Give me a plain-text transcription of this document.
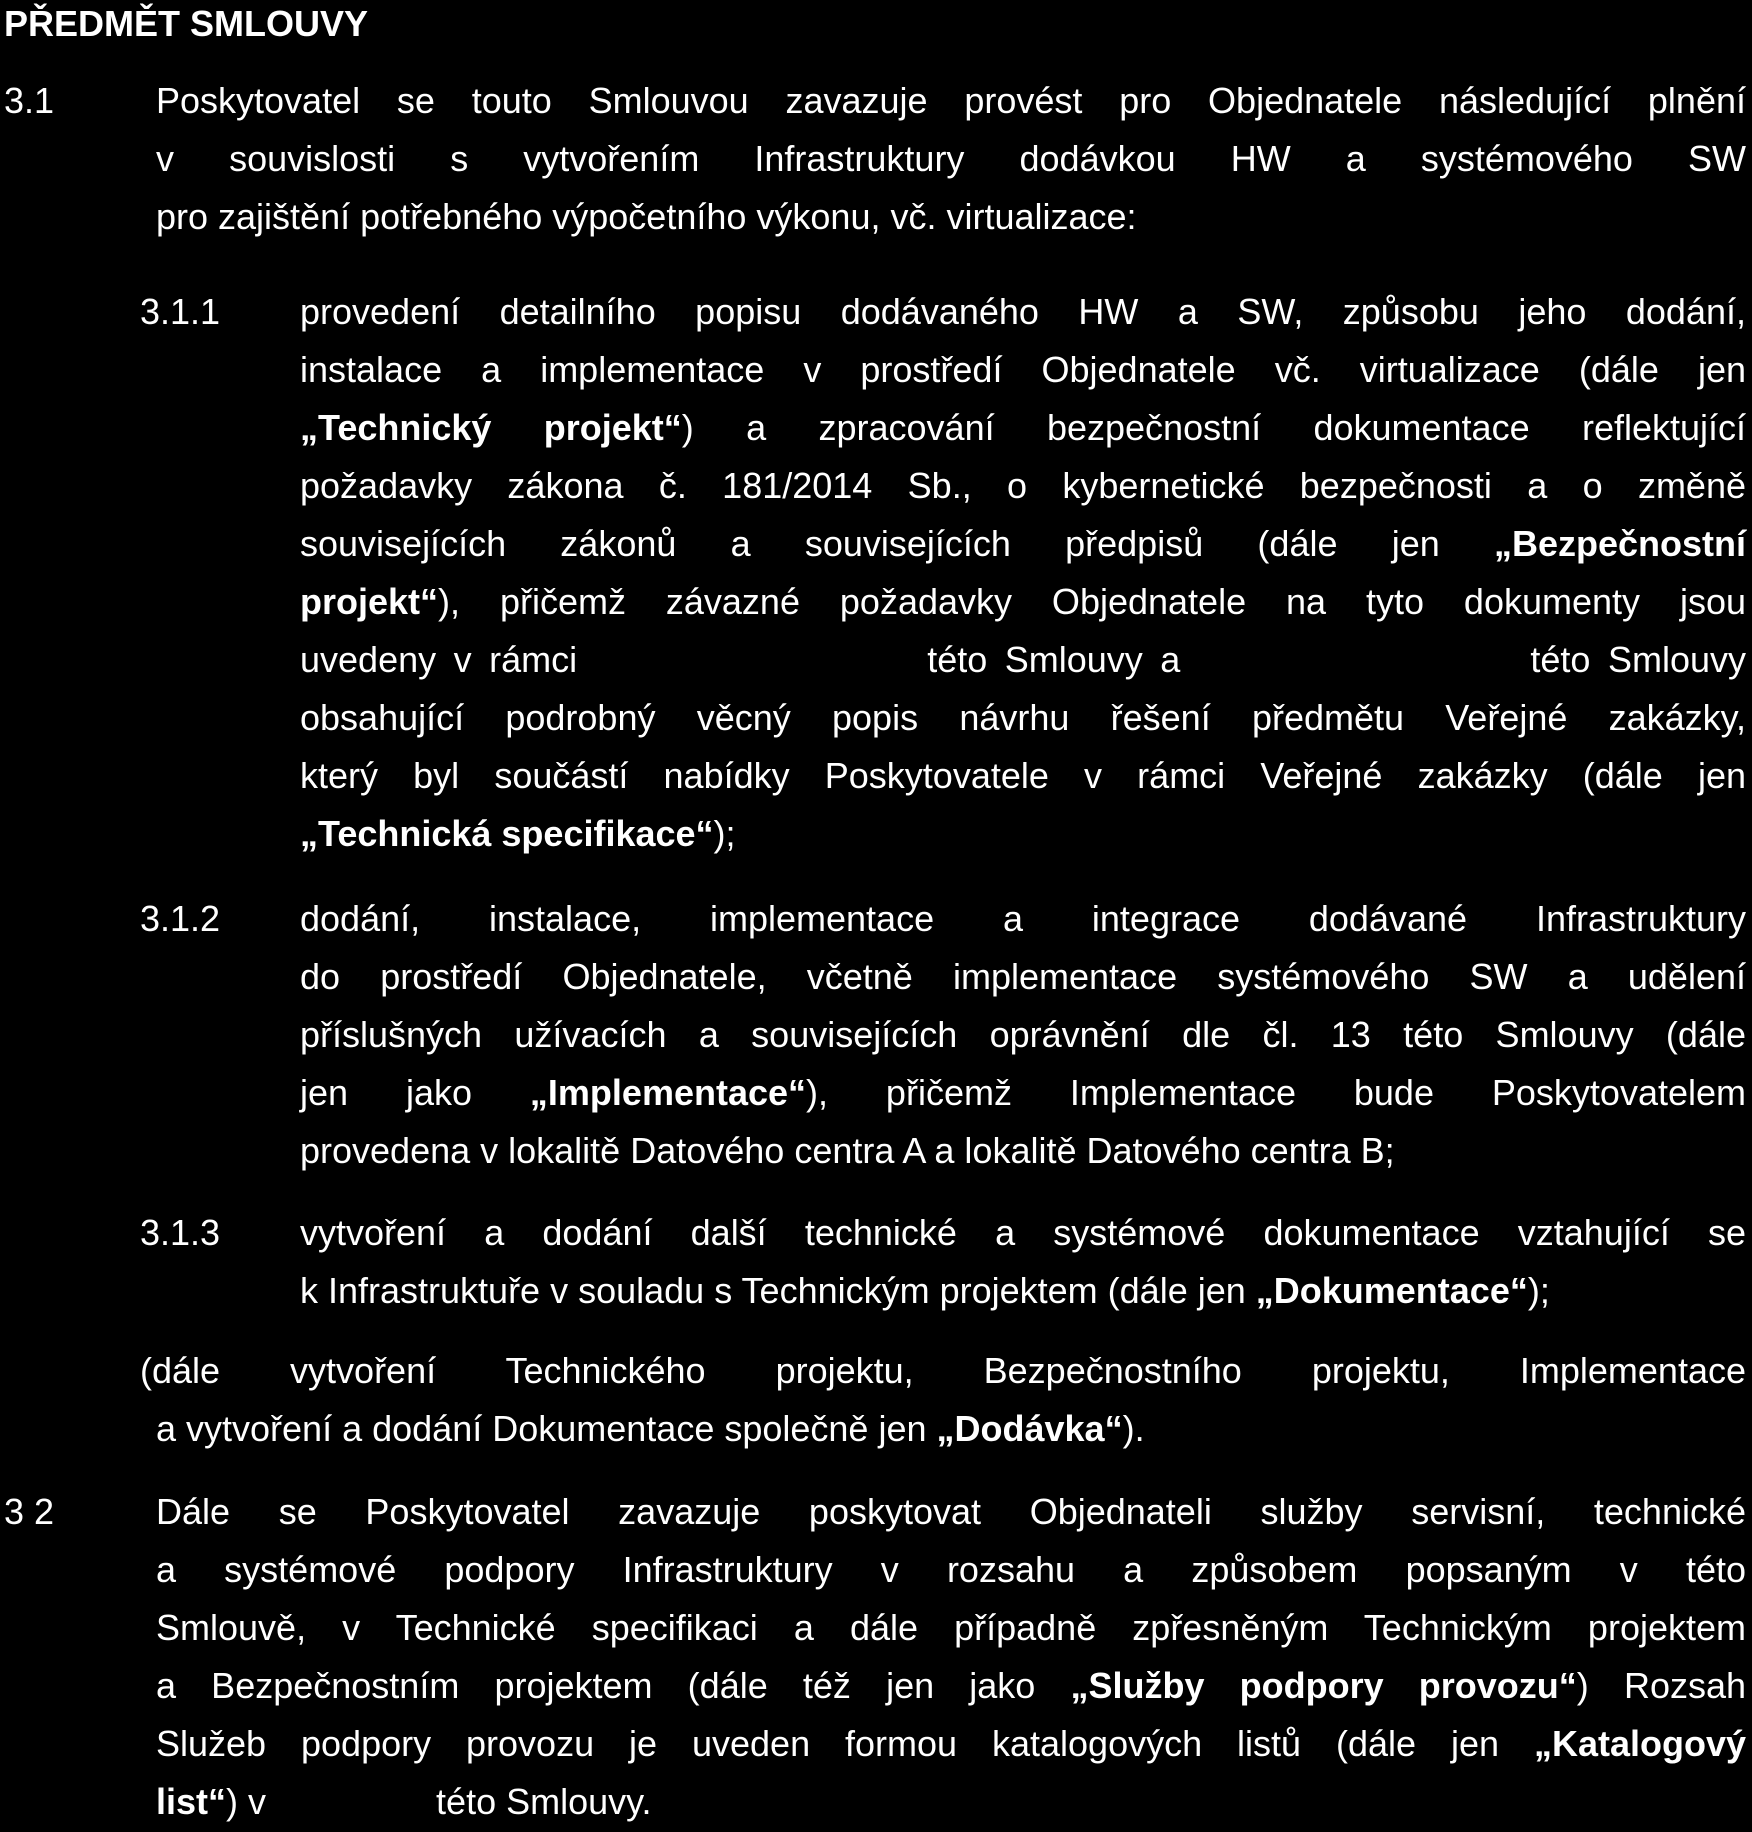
PŘEDMĚT SMLOUVY
3.1	Poskytovatel se touto Smlouvou zavazuje provést pro Objednatele následující plnění
v souvislosti s vytvořením Infrastruktury dodávkou HW a systémového SW
pro zajištění potřebného výpočetního výkonu, vč. virtualizace:
3.1.1 provedení detailního popisu dodávaného HW a SW, způsobu jeho dodání,
instalace a implementace v prostředí Objednatele vč. virtualizace (dále jen
„Technický projekt“) a zpracování bezpečnostní dokumentace reflektující
požadavky zákona č. 181/2014 Sb., o kybernetické bezpečnosti a o změně
souvisejících zákonů a souvisejících předpisů (dále jen „Bezpečnostní
projekt“), přičemž závazné požadavky Objednatele na tyto dokumenty jsou
uvedeny v rámci                    této Smlouvy a                    této Smlouvy
obsahující podrobný věcný popis návrhu řešení předmětu Veřejné zakázky,
který byl součástí nabídky Poskytovatele v rámci Veřejné zakázky (dále jen
„Technická specifikace“);
3.1.2 dodání, instalace, implementace a integrace dodávané Infrastruktury
do prostředí Objednatele, včetně implementace systémového SW a udělení
příslušných užívacích a souvisejících oprávnění dle čl. 13 této Smlouvy (dále
jen jako „Implementace“), přičemž Implementace bude Poskytovatelem
provedena v lokalitě Datového centra A a lokalitě Datového centra B;
3.1.3 vytvoření a dodání další technické a systémové dokumentace vztahující se
k Infrastruktuře v souladu s Technickým projektem (dále jen „Dokumentace“);
(dále vytvoření Technického projektu, Bezpečnostního projektu, Implementace
a vytvoření a dodání Dokumentace společně jen „Dodávka“).
3 2	Dále se Poskytovatel zavazuje poskytovat Objednateli služby servisní, technické
a systémové podpory Infrastruktury v rozsahu a způsobem popsaným v této
Smlouvě, v Technické specifikaci a dále případně zpřesněným Technickým projektem
a Bezpečnostním projektem (dále též jen jako „Služby podpory provozu“) Rozsah
Služeb podpory provozu je uveden formou katalogových listů (dále jen „Katalogový
list“) v                 této Smlouvy.
